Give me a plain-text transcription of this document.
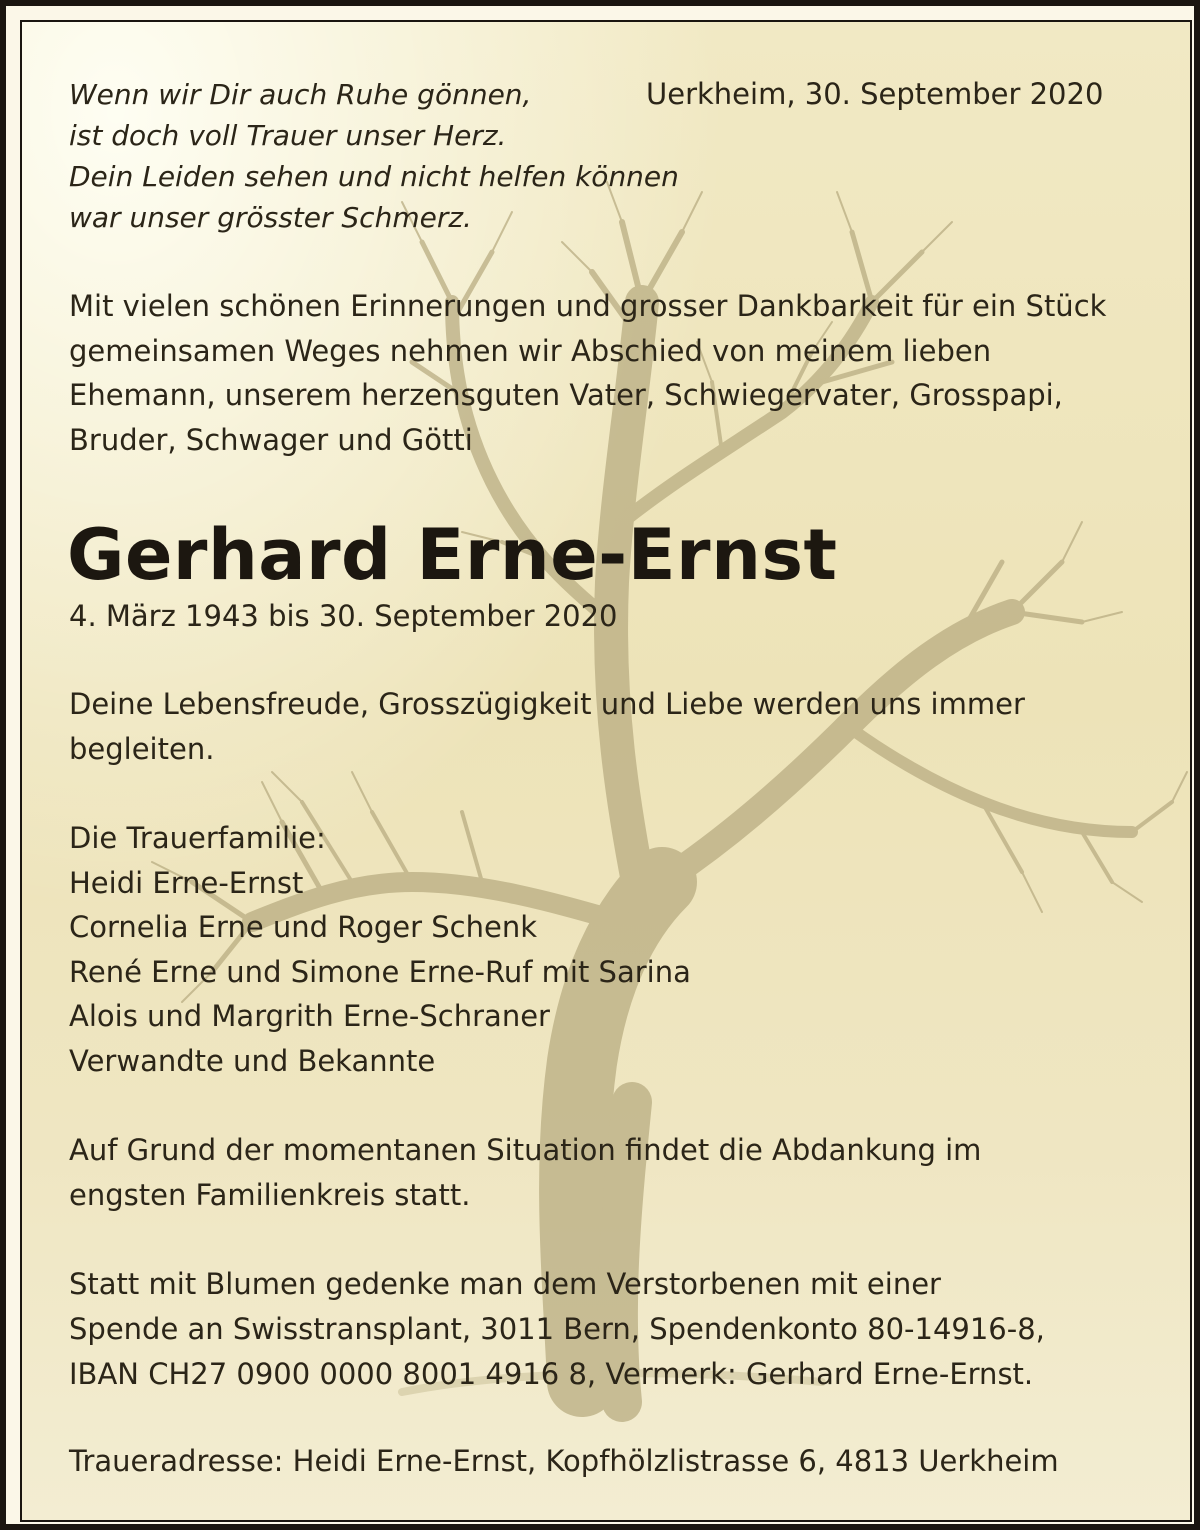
Wenn wir Dir auch Ruhe gönnen,
ist doch voll Trauer unser Herz.
Dein Leiden sehen und nicht helfen können
war unser grösster Schmerz.
Uerkheim, 30. September 2020
Mit vielen schönen Erinnerungen und grosser Dankbarkeit für ein Stück
gemeinsamen Weges nehmen wir Abschied von meinem lieben
Ehemann, unserem herzensguten Vater, Schwiegervater, Grosspapi,
Bruder, Schwager und Götti
Gerhard Erne-Ernst
4. März 1943 bis 30. September 2020
Deine Lebensfreude, Grosszügigkeit und Liebe werden uns immer
begleiten.
Die Trauerfamilie:
Heidi Erne-Ernst
Cornelia Erne und Roger Schenk
René Erne und Simone Erne-Ruf mit Sarina
Alois und Margrith Erne-Schraner
Verwandte und Bekannte
Auf Grund der momentanen Situation findet die Abdankung im
engsten Familienkreis statt.
Statt mit Blumen gedenke man dem Verstorbenen mit einer
Spende an Swisstransplant, 3011 Bern, Spendenkonto 80-14916-8,
IBAN CH27 0900 0000 8001 4916 8, Vermerk: Gerhard Erne-Ernst.
Traueradresse: Heidi Erne-Ernst, Kopfhölzlistrasse 6, 4813 Uerkheim
